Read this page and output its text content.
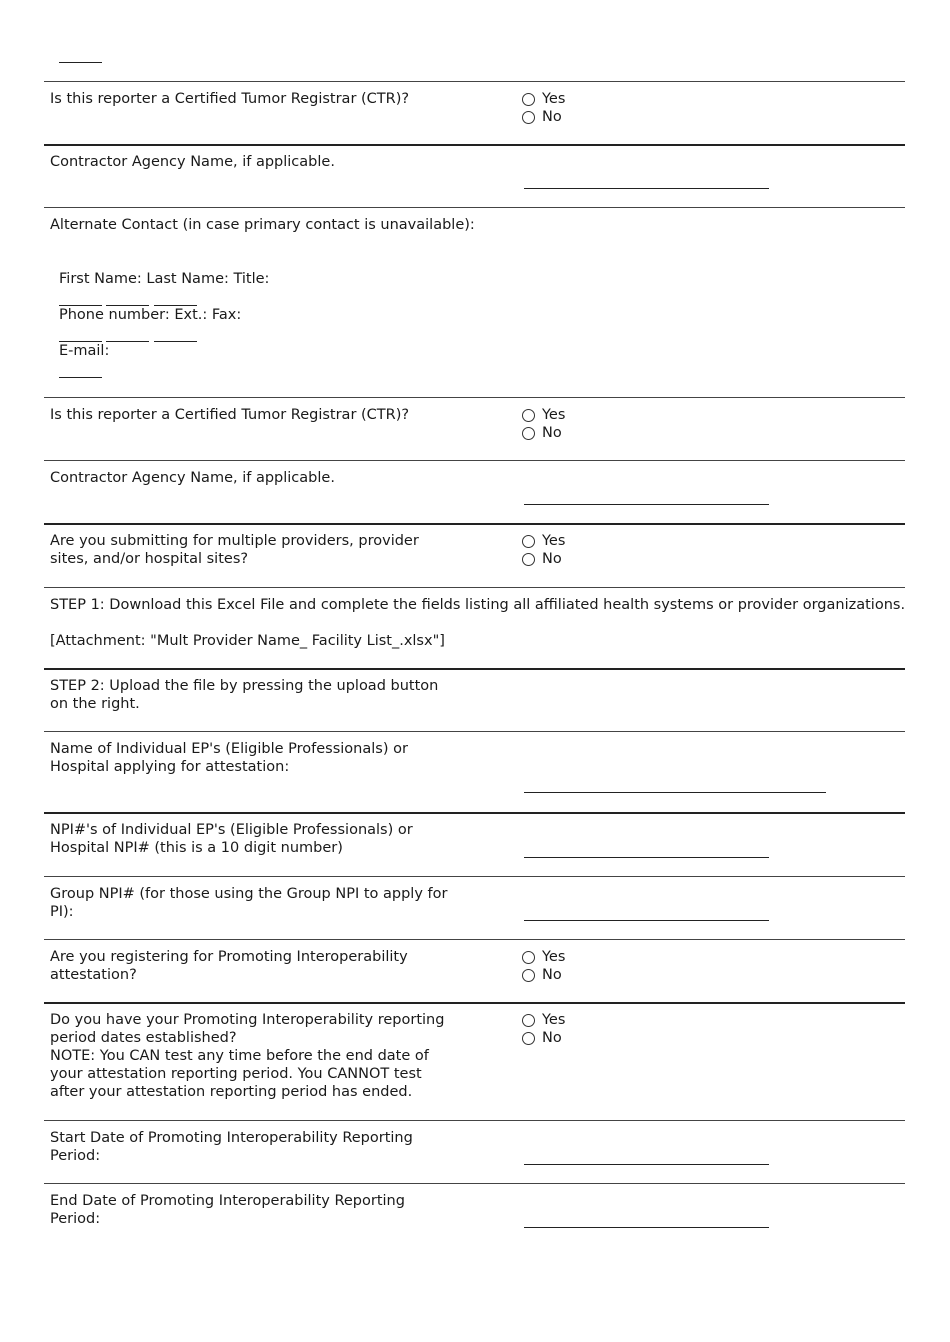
Is this reporter a Certified Tumor Registrar (CTR)?	Yes
No
Contractor Agency Name, if applicable.
Alternate Contact (in case primary contact is unavailable):
First Name: Last Name: Title:
Phone number: Ext.: Fax:
E-mail:
Is this reporter a Certified Tumor Registrar (CTR)?	Yes
No
Contractor Agency Name, if applicable.
Are you submitting for multiple providers, provider
sites, and/or hospital sites?
Yes
No
STEP 1: Download this Excel File and complete the fields listing all affiliated health systems or provider organizations.
[Attachment: "Mult Provider Name_ Facility List_.xlsx"]
STEP 2: Upload the file by pressing the upload button
on the right.
Name of Individual EP's (Eligible Professionals) or
Hospital applying for attestation:
NPI#'s of Individual EP's (Eligible Professionals) or
Hospital NPI# (this is a 10 digit number)
Group NPI# (for those using the Group NPI to apply for
PI):
Are you registering for Promoting Interoperability
attestation?
Yes
No
Do you have your Promoting Interoperability reporting
period dates established?
NOTE: You CAN test any time before the end date of
your attestation reporting period. You CANNOT test
after your attestation reporting period has ended.
Yes
No
Start Date of Promoting Interoperability Reporting
Period:
End Date of Promoting Interoperability Reporting
Period:
